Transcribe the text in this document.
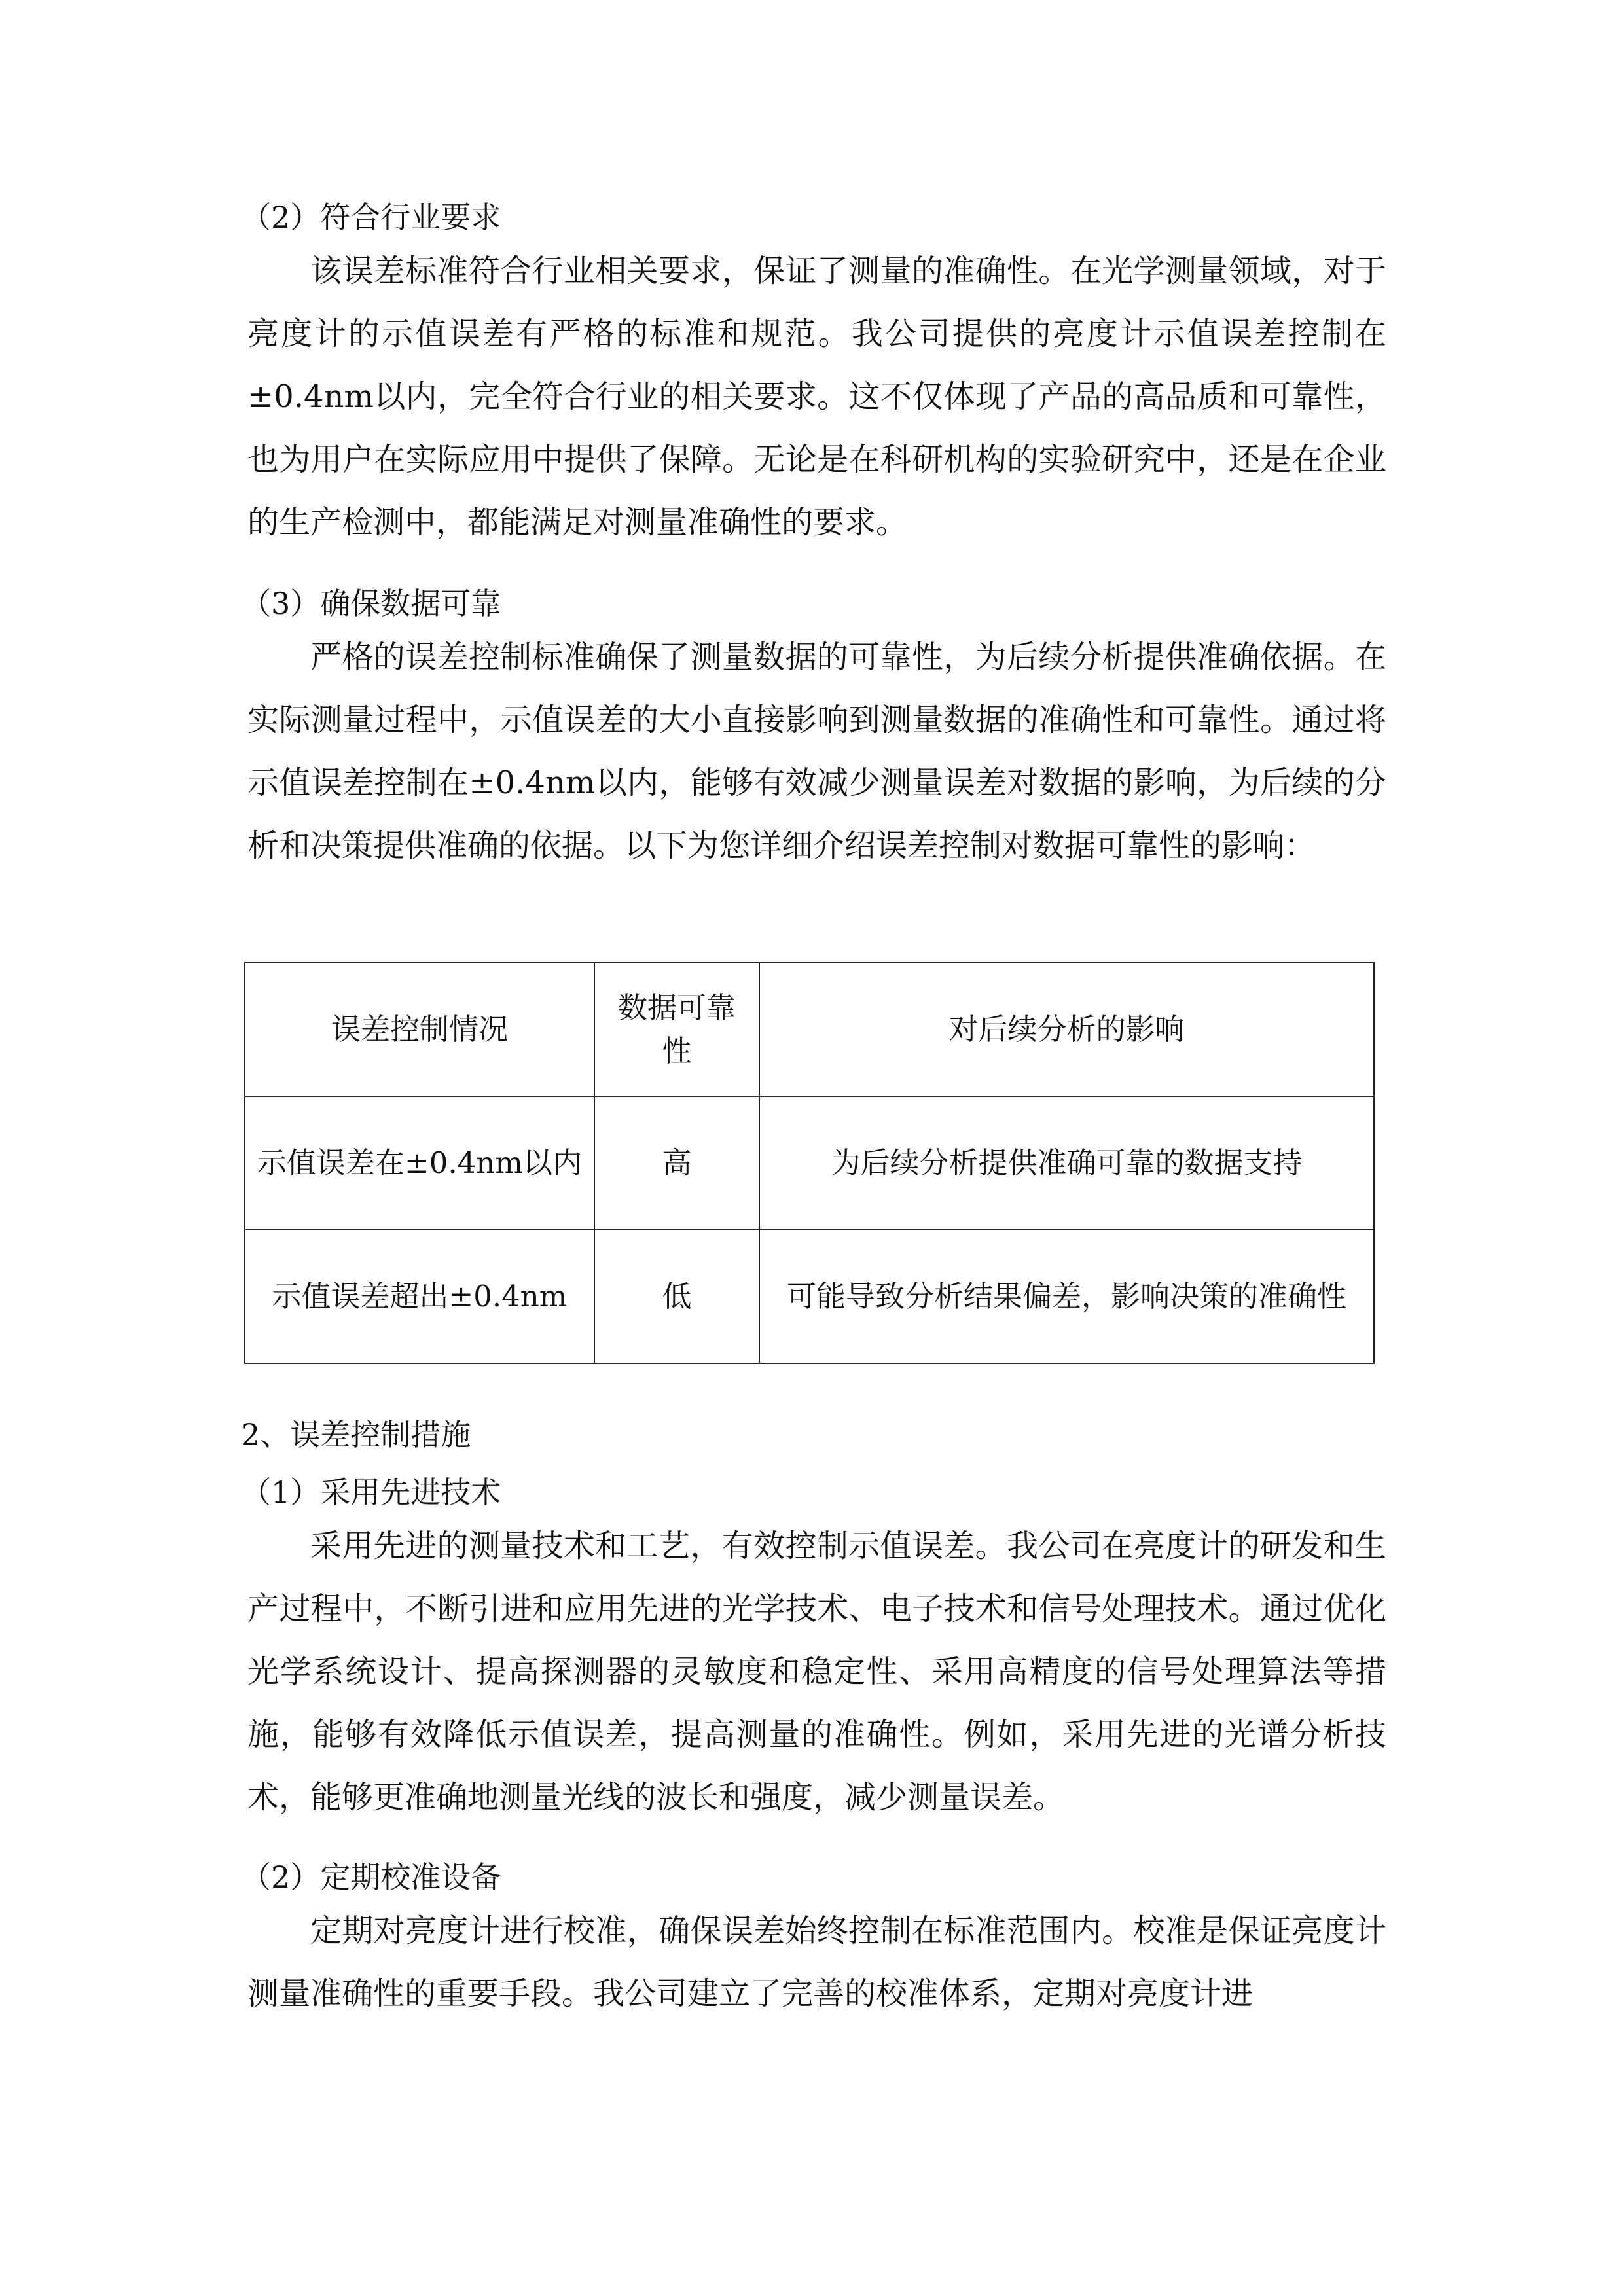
（2）符合行业要求

该误差标准符合行业相关要求，保证了测量的准确性。在光学测量领域，对于亮度计的示值误差有严格的标准和规范。我公司提供的亮度计示值误差控制在±0.4nm以内，完全符合行业的相关要求。这不仅体现了产品的高品质和可靠性，也为用户在实际应用中提供了保障。无论是在科研机构的实验研究中，还是在企业的生产检测中，都能满足对测量准确性的要求。

（3）确保数据可靠

严格的误差控制标准确保了测量数据的可靠性，为后续分析提供准确依据。在实际测量过程中，示值误差的大小直接影响到测量数据的准确性和可靠性。通过将示值误差控制在±0.4nm以内，能够有效减少测量误差对数据的影响，为后续的分析和决策提供准确的依据。以下为您详细介绍误差控制对数据可靠性的影响：

误差控制情况	数据可靠性	对后续分析的影响
示值误差在±0.4nm以内	高	为后续分析提供准确可靠的数据支持
示值误差超出±0.4nm	低	可能导致分析结果偏差，影响决策的准确性
2、误差控制措施
（1）采用先进技术

采用先进的测量技术和工艺，有效控制示值误差。我公司在亮度计的研发和生产过程中，不断引进和应用先进的光学技术、电子技术和信号处理技术。通过优化光学系统设计、提高探测器的灵敏度和稳定性、采用高精度的信号处理算法等措施，能够有效降低示值误差，提高测量的准确性。例如，采用先进的光谱分析技术，能够更准确地测量光线的波长和强度，减少测量误差。

（2）定期校准设备

定期对亮度计进行校准，确保误差始终控制在标准范围内。校准是保证亮度计测量准确性的重要手段。我公司建立了完善的校准体系，定期对亮度计进
